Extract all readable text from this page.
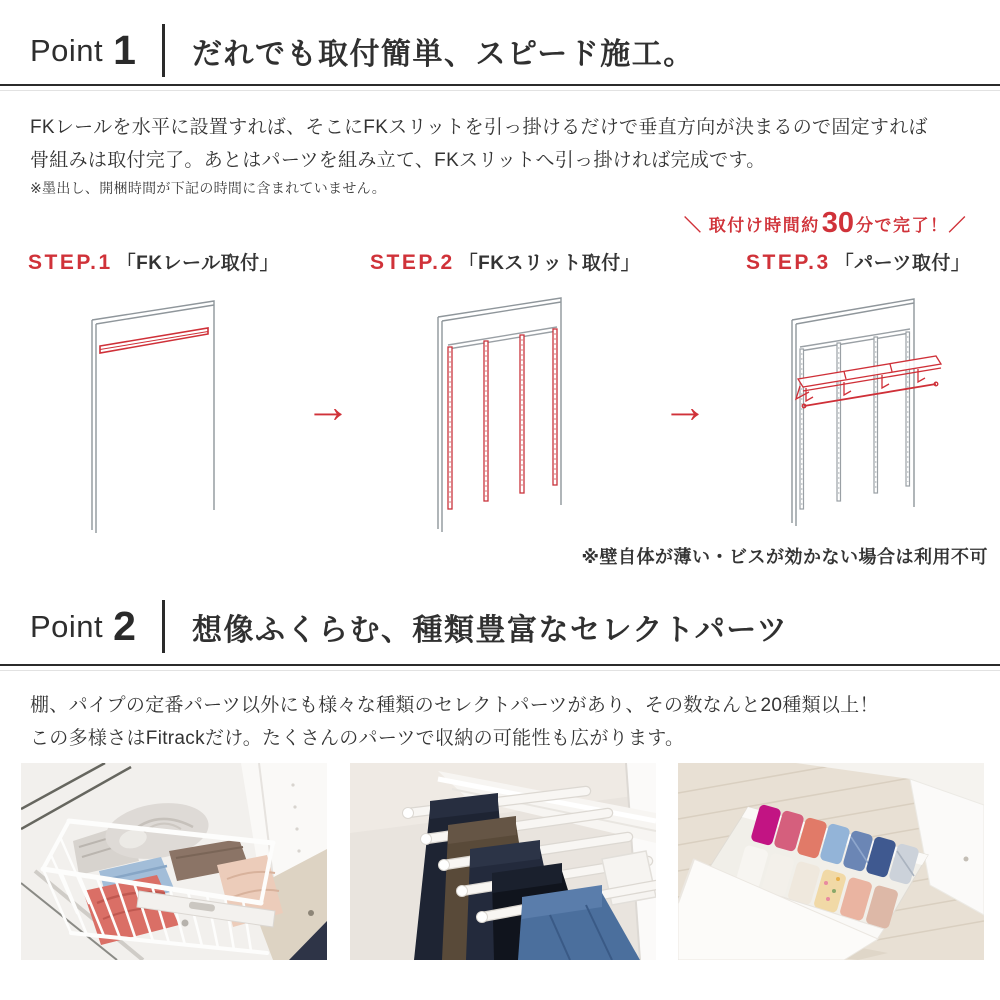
Point 1 だれでも取付簡単、スピード施工。

FKレールを水平に設置すれば、そこにFKスリットを引っ掛けるだけで垂直方向が決まるので固定すれば
骨組みは取付完了。あとはパーツを組み立て、FKスリットへ引っ掛ければ完成です。

※墨出し、開梱時間が下記の時間に含まれていません。

＼ 取付け時間約30 分で完了！／
STEP.1 「FKレール取付」	STEP.2 「FKスリット取付」	STEP.3 「パーツ取付」
→	→
※壁自体が薄い・ビスが効かない場合は利用不可
Point 2 想像ふくらむ、種類豊富なセレクトパーツ

棚、パイプの定番パーツ以外にも様々な種類のセレクトパーツがあり、その数なんと20種類以上！
この多様さはFitrackだけ。たくさんのパーツで収納の可能性も広がります。
